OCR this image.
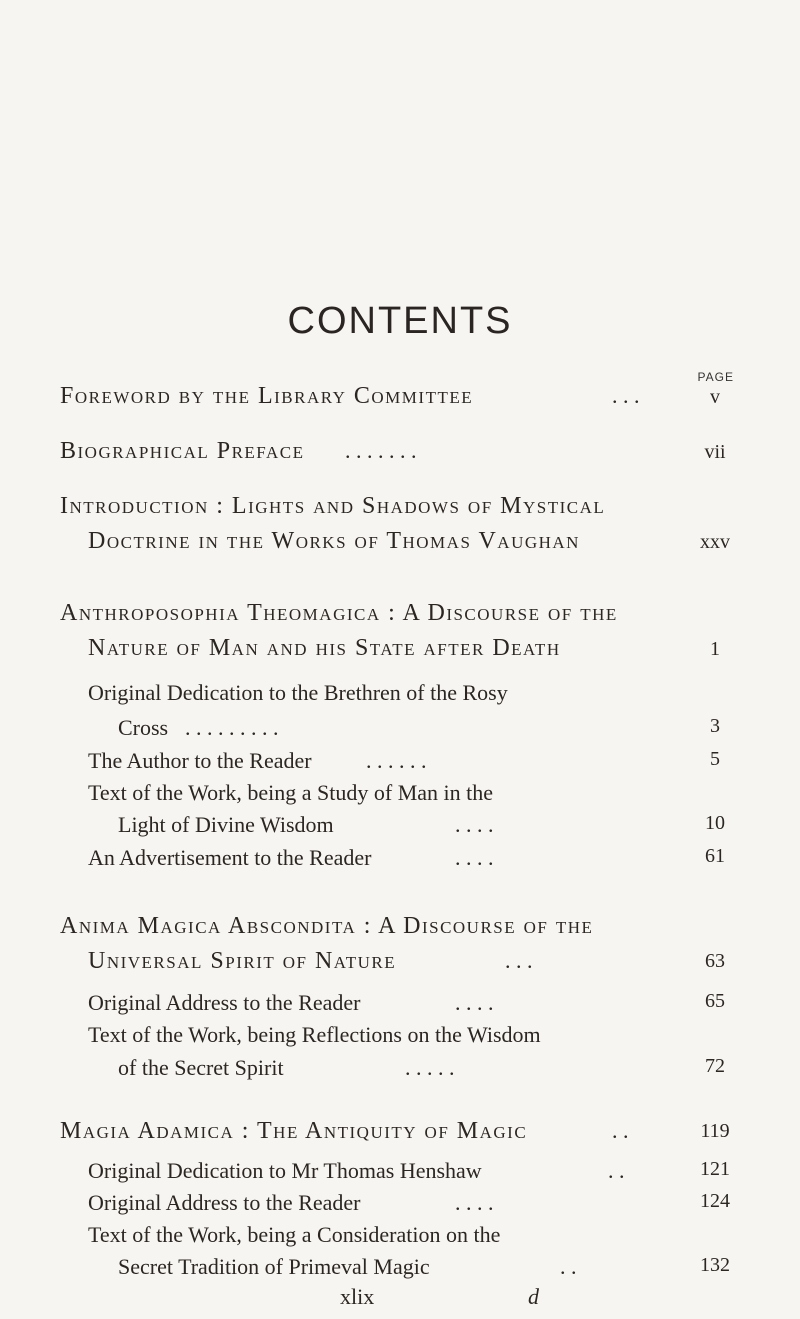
CONTENTS
PAGE
Foreword by the Library Committee	. . .	v
Biographical Preface . . . . . . .	vii
Introduction : Lights and Shadows of Mystical
Doctrine in the Works of Thomas Vaughan	xxv
Anthroposophia Theomagica : A Discourse of the
Nature of Man and his State after Death	1
Original Dedication to the Brethren of the Rosy
Cross . . . . . . . . .	3
The Author to the Reader . . . . . .	5
Text of the Work, being a Study of Man in the
Light of Divine Wisdom	. . . .	10
An Advertisement to the Reader	. . . .	61
Anima Magica Abscondita : A Discourse of the
Universal Spirit of Nature	. . .	63
Original Address to the Reader	. . . .	65
Text of the Work, being Reflections on the Wisdom
of the Secret Spirit	. . . . .	72
Magia Adamica : The Antiquity of Magic	. .	119
Original Dedication to Mr Thomas Henshaw	. .	121
Original Address to the Reader	. . . .	124
Text of the Work, being a Consideration on the
Secret Tradition of Primeval Magic	. .	132
xlix	d
